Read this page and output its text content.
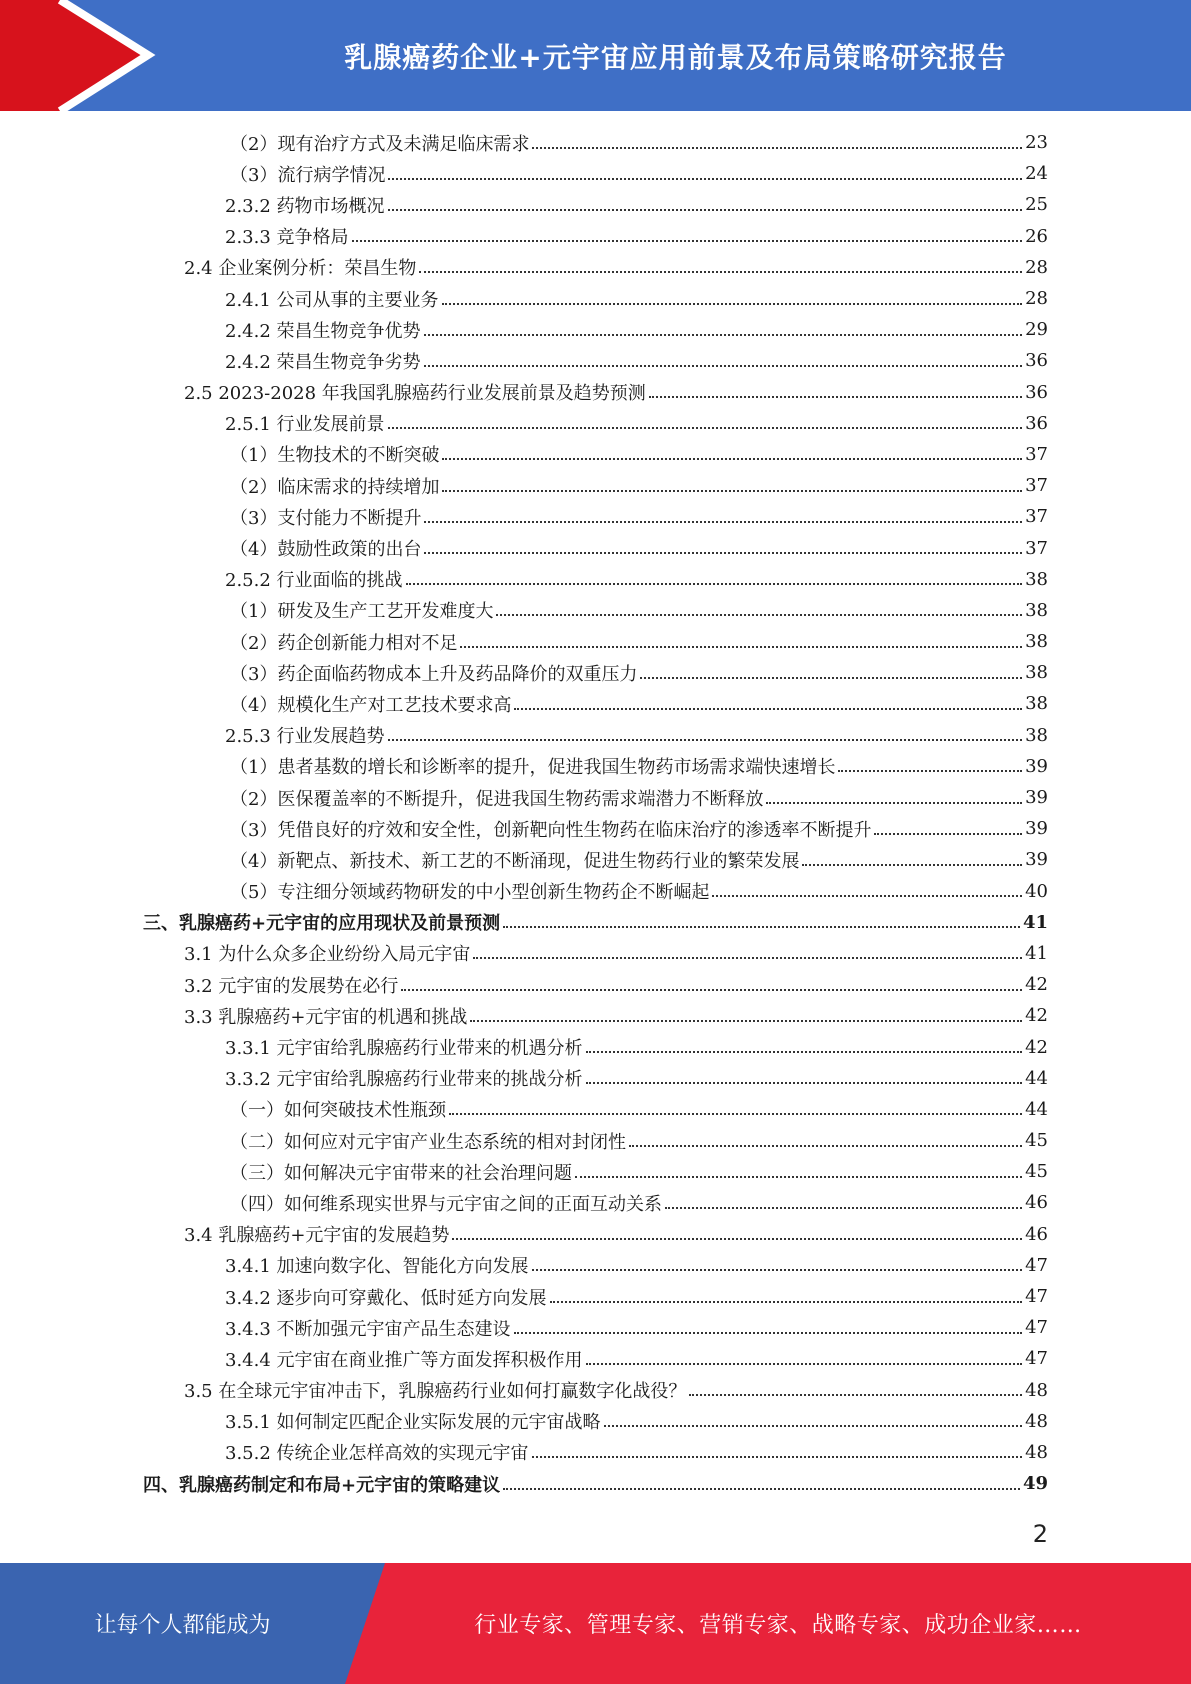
乳腺癌药企业+元宇宙应用前景及布局策略研究报告
（2）现有治疗方式及未满足临床需求	23
（3）流行病学情况	24
2.3.2 药物市场概况	25
2.3.3 竞争格局	26
2.4 企业案例分析：荣昌生物	28
2.4.1 公司从事的主要业务	28
2.4.2 荣昌生物竞争优势	29
2.4.2 荣昌生物竞争劣势	36
2.5 2023-2028 年我国乳腺癌药行业发展前景及趋势预测	36
2.5.1 行业发展前景	36
（1）生物技术的不断突破	37
（2）临床需求的持续增加	37
（3）支付能力不断提升	37
（4）鼓励性政策的出台	37
2.5.2 行业面临的挑战	38
（1）研发及生产工艺开发难度大	38
（2）药企创新能力相对不足	38
（3）药企面临药物成本上升及药品降价的双重压力	38
（4）规模化生产对工艺技术要求高	38
2.5.3 行业发展趋势	38
（1）患者基数的增长和诊断率的提升，促进我国生物药市场需求端快速增长	39
（2）医保覆盖率的不断提升，促进我国生物药需求端潜力不断释放	39
（3）凭借良好的疗效和安全性，创新靶向性生物药在临床治疗的渗透率不断提升	39
（4）新靶点、新技术、新工艺的不断涌现，促进生物药行业的繁荣发展	39
（5）专注细分领域药物研发的中小型创新生物药企不断崛起	40
三、乳腺癌药+元宇宙的应用现状及前景预测	41
3.1 为什么众多企业纷纷入局元宇宙	41
3.2 元宇宙的发展势在必行	42
3.3 乳腺癌药+元宇宙的机遇和挑战	42
3.3.1 元宇宙给乳腺癌药行业带来的机遇分析	42
3.3.2 元宇宙给乳腺癌药行业带来的挑战分析	44
（一）如何突破技术性瓶颈	44
（二）如何应对元宇宙产业生态系统的相对封闭性	45
（三）如何解决元宇宙带来的社会治理问题	45
（四）如何维系现实世界与元宇宙之间的正面互动关系	46
3.4 乳腺癌药+元宇宙的发展趋势	46
3.4.1 加速向数字化、智能化方向发展	47
3.4.2 逐步向可穿戴化、低时延方向发展	47
3.4.3 不断加强元宇宙产品生态建设	47
3.4.4 元宇宙在商业推广等方面发挥积极作用	47
3.5 在全球元宇宙冲击下，乳腺癌药行业如何打赢数字化战役？	48
3.5.1 如何制定匹配企业实际发展的元宇宙战略	48
3.5.2 传统企业怎样高效的实现元宇宙	48
四、乳腺癌药制定和布局+元宇宙的策略建议	49
2
让每个人都能成为	行业专家、管理专家、营销专家、战略专家、成功企业家……
